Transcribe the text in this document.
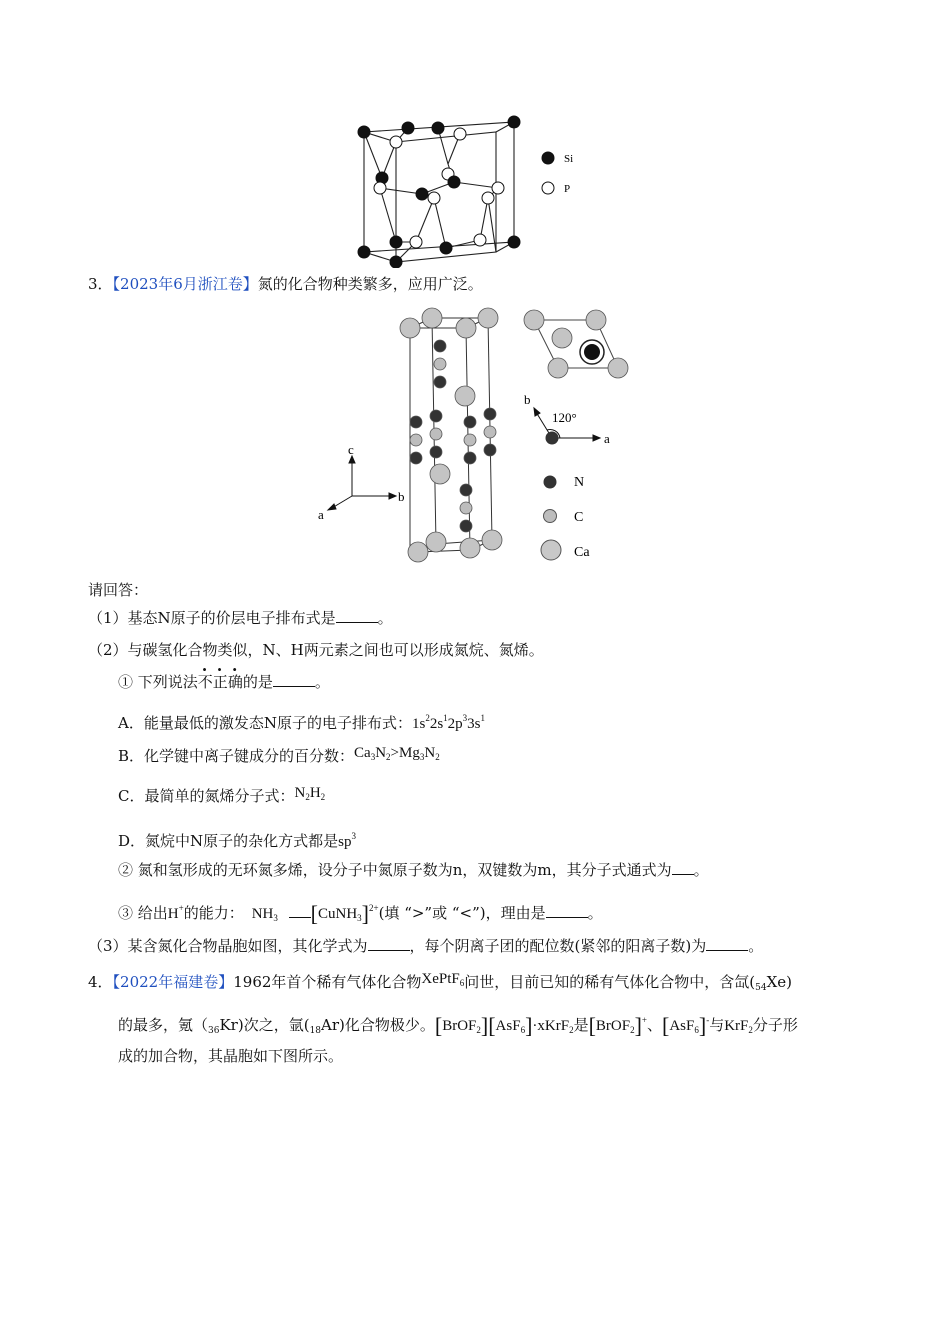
Si
P
3．【2023年6月浙江卷】氮的化合物种类繁多，应用广泛。
c
b
a
b
120°
a
N
C
Ca
请回答：
（1）基态N原子的价层电子排布式是	。
（2）与碳氢化合物类似，N、H两元素之间也可以形成氮烷、氮烯。
① 下列说法不正确的是	。
A．能量最低的激发态N原子的电子排布式：$1s^22s^12p^33s^1$
B．化学键中离子键成分的百分数：$Ca_3N_2>Mg_3N_2$
C．最简单的氮烯分子式：$N_2H_2$
D．氮烷中N原子的杂化方式都是$sp^3$
② 氮和氢形成的无环氮多烯，设分子中氮原子数为n，双键数为m，其分子式通式为 。
③ 给出H+的能力： $NH_3$ [CuNH$_3$]$^{2+}$(填 “>”或 “<”)，理由是	。
（3）某含氮化合物晶胞如图，其化学式为	，每个阴离子团的配位数(紧邻的阳离子数)为	。
4．【2022年福建卷】1962年首个稀有气体化合物XePtF$_6$问世，目前已知的稀有气体化合物中，含氙$(_{54}Xe)$
的最多，氪$(_{36}Kr)$次之，氩$(_{18}Ar)$化合物极少。[BrOF$_2$][AsF$_6$]·xKrF$_2$是[BrOF$_2$]+、[AsF$_6$]-与KrF$_2$分子形
成的加合物，其晶胞如下图所示。
